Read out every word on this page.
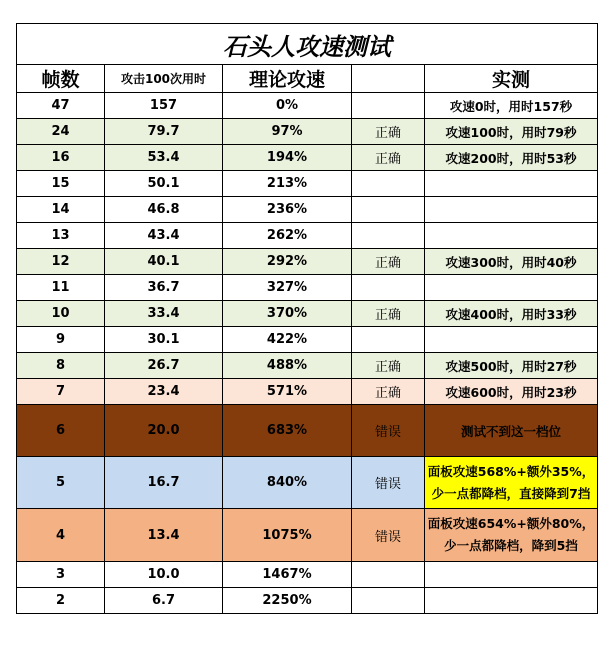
石头人攻速测试				
帧数	攻击100次用时	理论攻速		实测
47	157	0%		攻速0时，用时157秒
24	79.7	97%	正确	攻速100时，用时79秒
16	53.4	194%	正确	攻速200时，用时53秒
15	50.1	213%		
14	46.8	236%		
13	43.4	262%		
12	40.1	292%	正确	攻速300时，用时40秒
11	36.7	327%		
10	33.4	370%	正确	攻速400时，用时33秒
9	30.1	422%		
8	26.7	488%	正确	攻速500时，用时27秒
7	23.4	571%	正确	攻速600时，用时23秒
6	20.0	683%	错误	测试不到这一档位
5	16.7	840%	错误	面板攻速568%+额外35%，
少一点都降档，直接降到7挡

4	13.4	1075%	错误	面板攻速654%+额外80%，
少一点都降档，降到5挡

3	10.0	1467%		
2	6.7	2250%		
